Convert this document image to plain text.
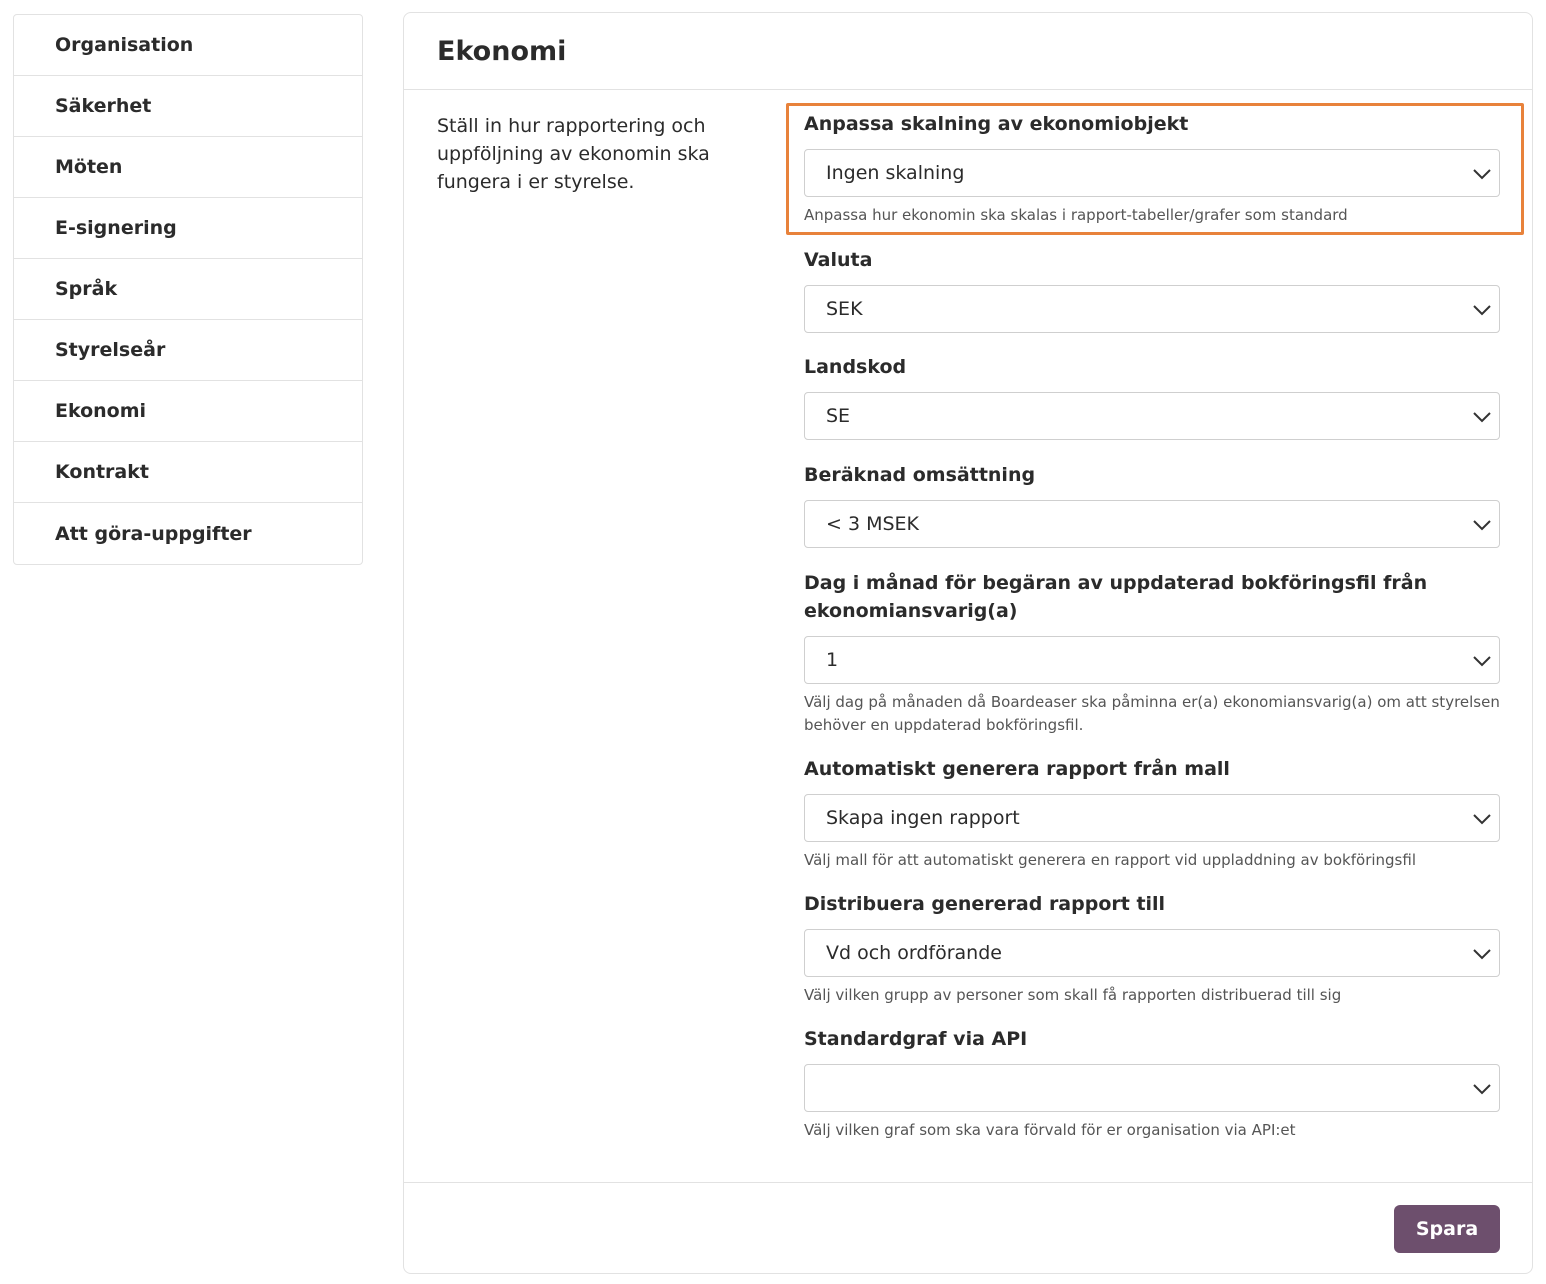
Organisation
Säkerhet
Möten
E-signering
Språk
Styrelseår
Ekonomi
Kontrakt
Att göra-uppgifter
Ekonomi

Ställ in hur rapportering och uppföljning av ekonomin ska fungera i er styrelse.

Anpassa skalning av ekonomiobjekt
Ingen skalning
Anpassa hur ekonomin ska skalas i rapport-tabeller/grafer som standard
Valuta
SEK
Landskod
SE
Beräknad omsättning
< 3 MSEK
Dag i månad för begäran av uppdaterad bokföringsfil från ekonomiansvarig(a)
1
Välj dag på månaden då Boardeaser ska påminna er(a) ekonomiansvarig(a) om att styrelsen behöver en uppdaterad bokföringsfil.
Automatiskt generera rapport från mall
Skapa ingen rapport
Välj mall för att automatiskt generera en rapport vid uppladdning av bokföringsfil
Distribuera genererad rapport till
Vd och ordförande
Välj vilken grupp av personer som skall få rapporten distribuerad till sig
Standardgraf via API
Välj vilken graf som ska vara förvald för er organisation via API:et
Spara
